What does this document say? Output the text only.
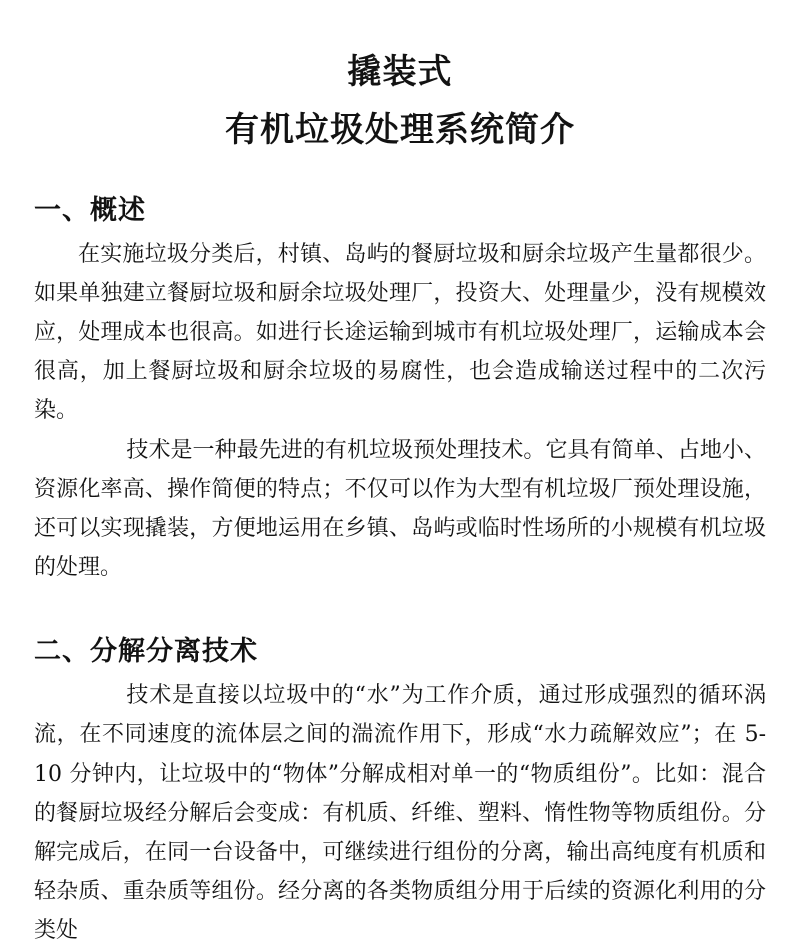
撬装式
有机垃圾处理系统简介
一、概述

在实施垃圾分类后，村镇、岛屿的餐厨垃圾和厨余垃圾产生量都很少。如果单独建立餐厨垃圾和厨余垃圾处理厂，投资大、处理量少，没有规模效应，处理成本也很高。如进行长途运输到城市有机垃圾处理厂，运输成本会很高，加上餐厨垃圾和厨余垃圾的易腐性，也会造成输送过程中的二次污染。

技术是一种最先进的有机垃圾预处理技术。它具有简单、占地小、资源化率高、操作简便的特点；不仅可以作为大型有机垃圾厂预处理设施，还可以实现撬装，方便地运用在乡镇、岛屿或临时性场所的小规模有机垃圾的处理。

二、分解分离技术

技术是直接以垃圾中的“水”为工作介质，通过形成强烈的循环涡流，在不同速度的流体层之间的湍流作用下，形成“水力疏解效应”；在 5-10 分钟内，让垃圾中的“物体”分解成相对单一的“物质组份”。比如：混合的餐厨垃圾经分解后会变成：有机质、纤维、塑料、惰性物等物质组份。分解完成后，在同一台设备中，可继续进行组份的分离，输出高纯度有机质和轻杂质、重杂质等组份。经分离的各类物质组分用于后续的资源化利用的分类处
